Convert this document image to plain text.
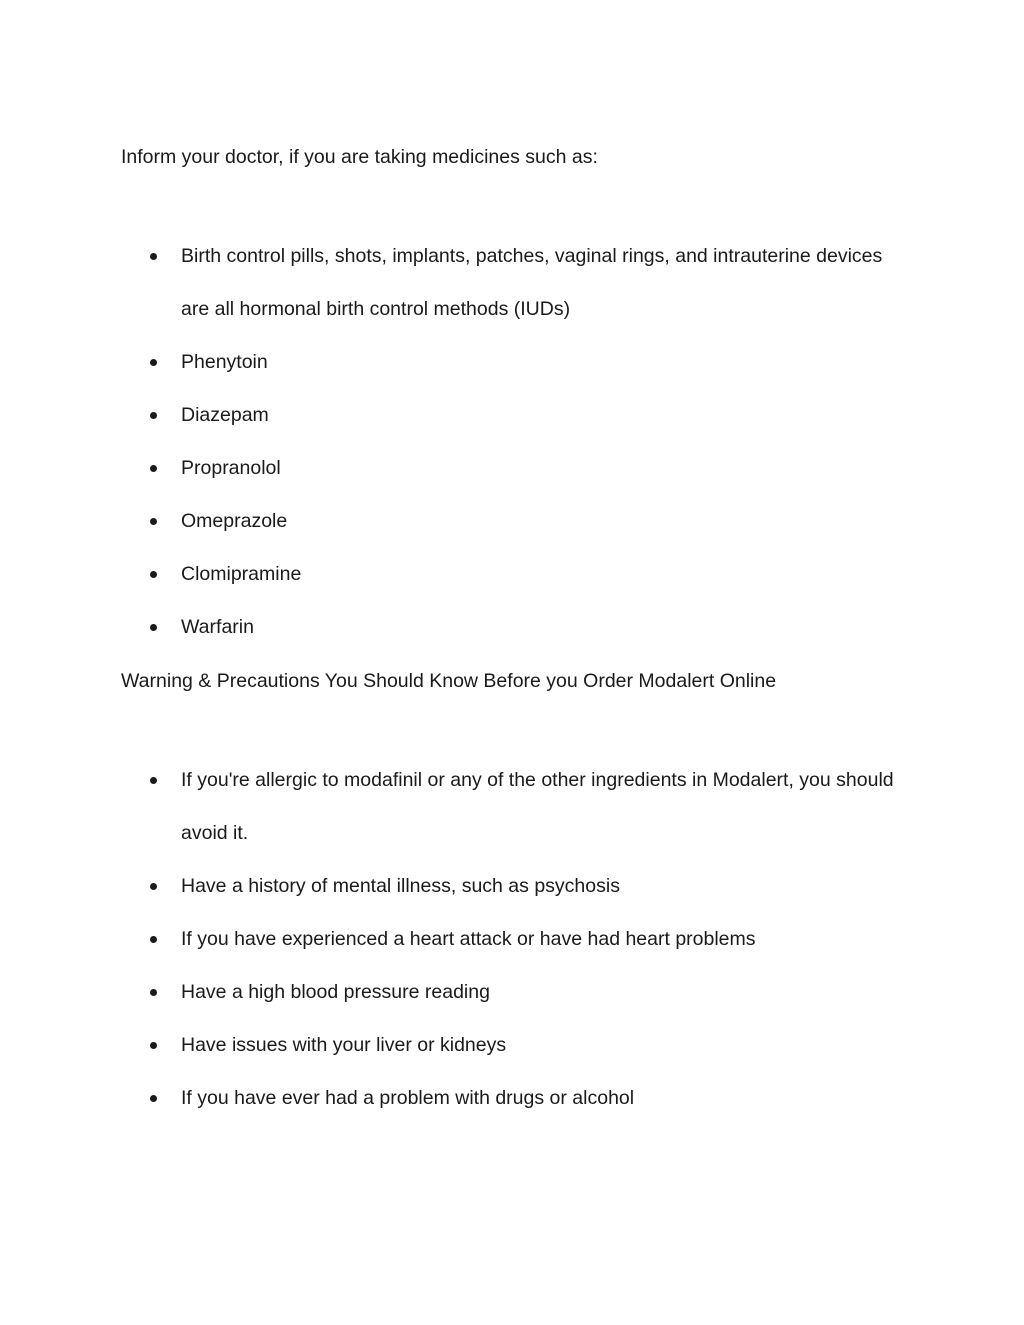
Inform your doctor, if you are taking medicines such as:

Birth control pills, shots, implants, patches, vaginal rings, and intrauterine devices are all hormonal birth control methods (IUDs)
Phenytoin
Diazepam
Propranolol
Omeprazole
Clomipramine
Warfarin

Warning & Precautions You Should Know Before you Order Modalert Online

If you're allergic to modafinil or any of the other ingredients in Modalert, you should avoid it.
Have a history of mental illness, such as psychosis
If you have experienced a heart attack or have had heart problems
Have a high blood pressure reading
Have issues with your liver or kidneys
If you have ever had a problem with drugs or alcohol
